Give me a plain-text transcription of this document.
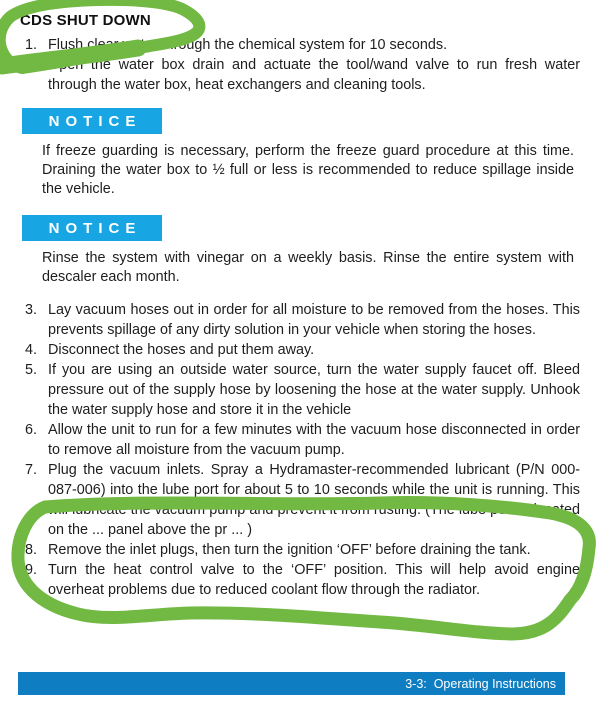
CDS SHUT DOWN
1. Flush clear water through the chemical system for 10 seconds.
2. Open the water box drain and actuate the tool/wand valve to run fresh water through the water box, heat exchangers and cleaning tools.
NOTICE
If freeze guarding is necessary, perform the freeze guard procedure at this time. Draining the water box to ½ full or less is recommended to reduce spillage inside the vehicle.
NOTICE
Rinse the system with vinegar on a weekly basis. Rinse the entire system with descaler each month.
3. Lay vacuum hoses out in order for all moisture to be removed from the hoses. This prevents spillage of any dirty solution in your vehicle when storing the hoses.
4. Disconnect the hoses and put them away.
5. If you are using an outside water source, turn the water supply faucet off. Bleed pressure out of the supply hose by loosening the hose at the water supply. Unhook the water supply hose and store it in the vehicle
6. Allow the unit to run for a few minutes with the vacuum hose disconnected in order to remove all moisture from the vacuum pump.
7. Plug the vacuum inlets. Spray a Hydramaster-recommended lubricant (P/N 000-087-006) into the lube port for about 5 to 10 seconds while the unit is running. This will lubricate the vacuum pump and prevent it from rusting. (The lube port is located on the ... panel above the pr ... )
8. Remove the inlet plugs, then turn the ignition ‘OFF’ before draining the tank.
9. Turn the heat control valve to the ‘OFF’ position. This will help avoid engine overheat problems due to reduced coolant flow through the radiator.
3-3:  Operating Instructions
